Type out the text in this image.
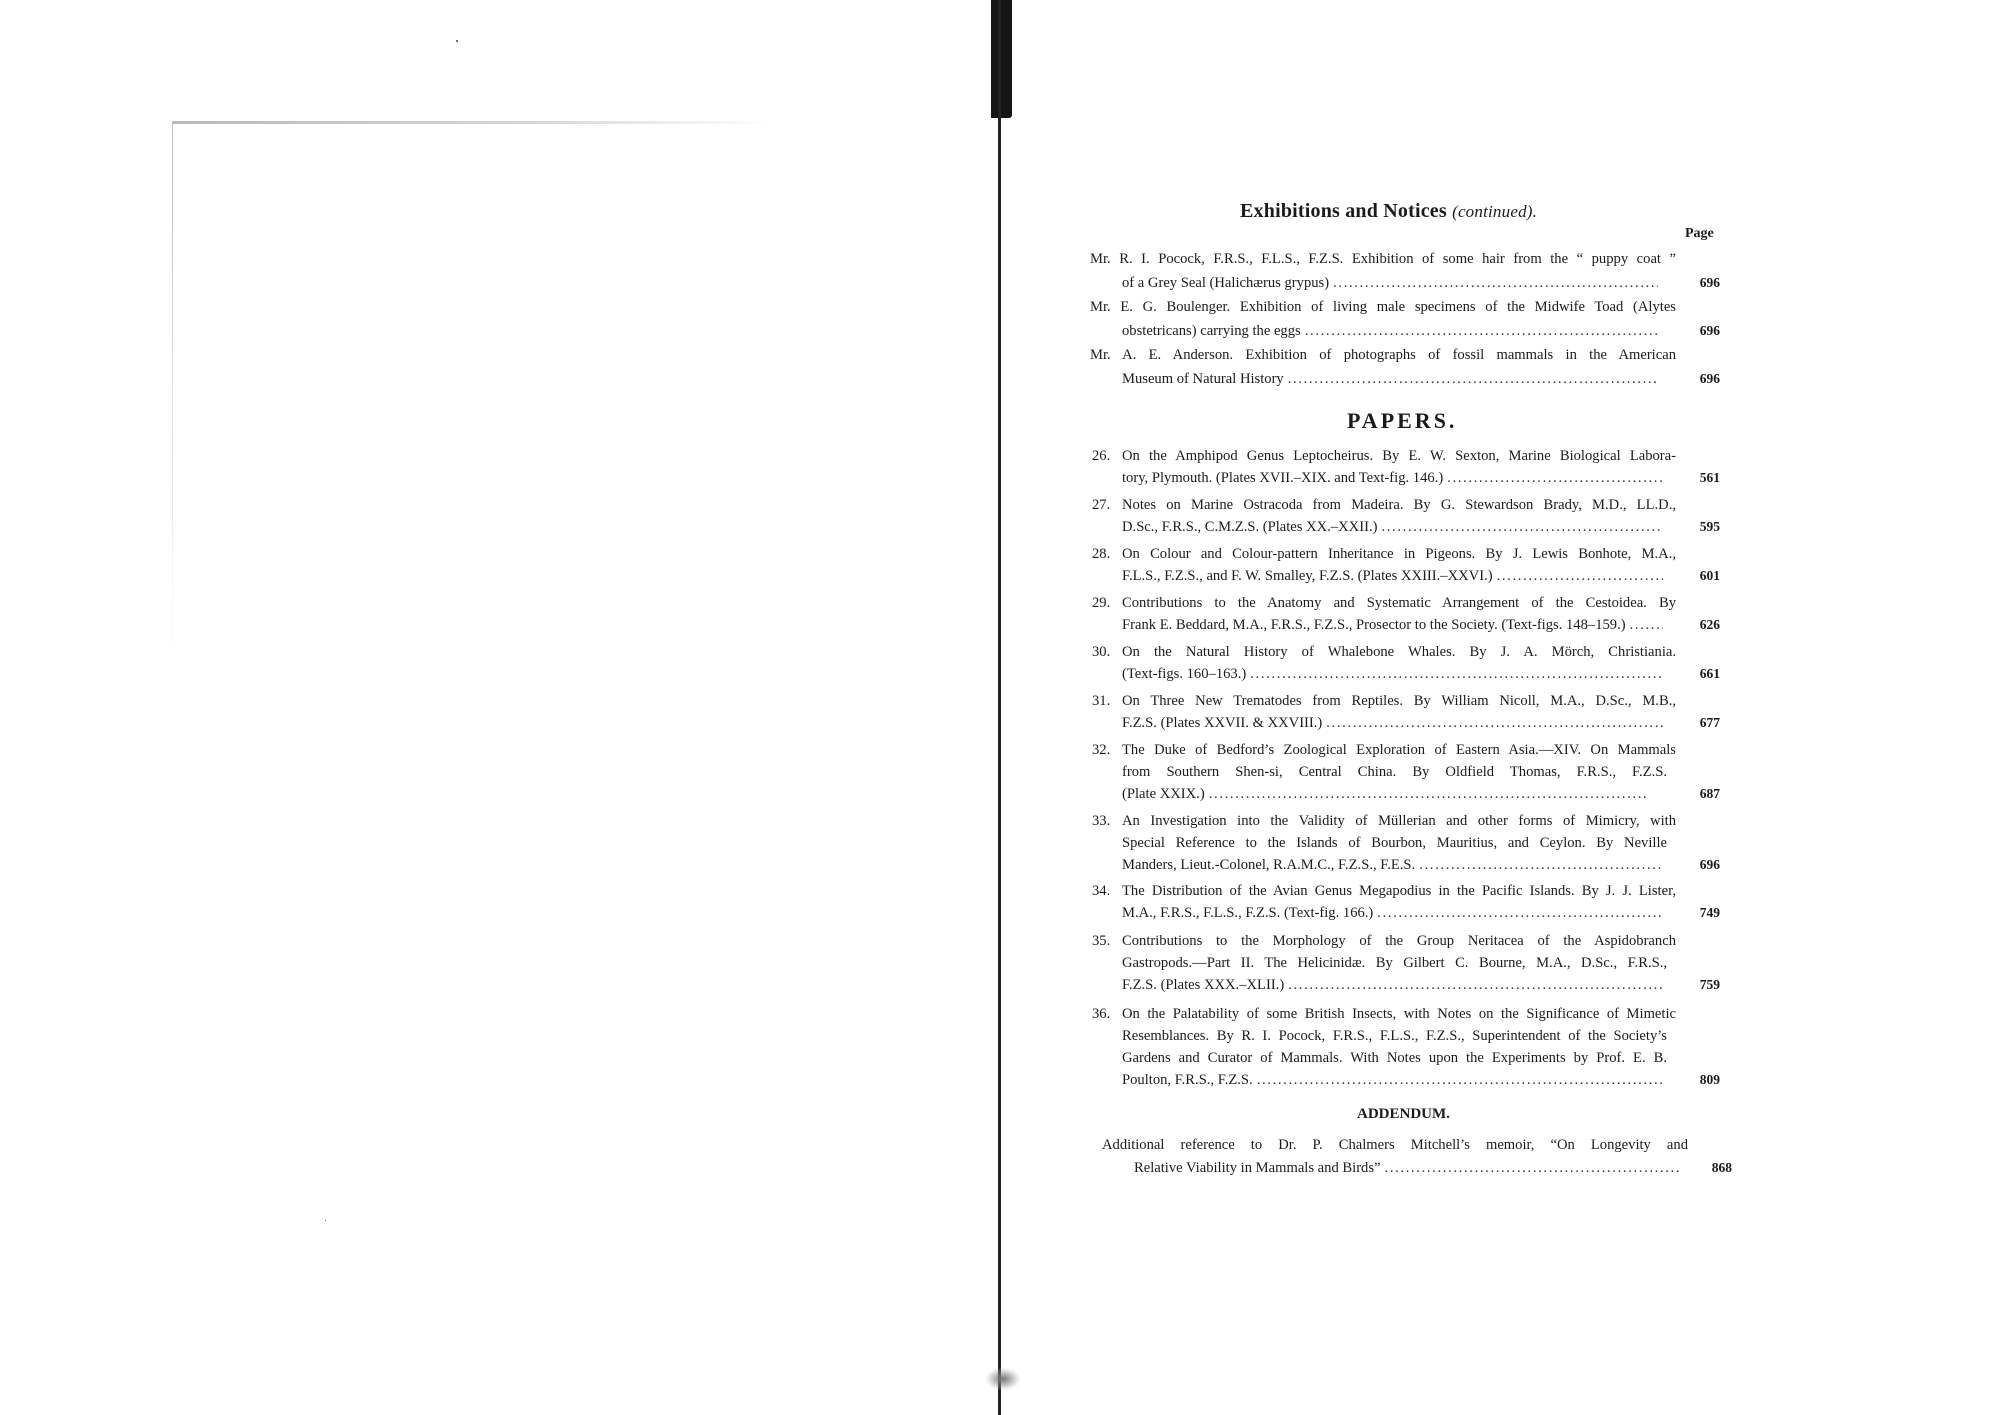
Exhibitions and Notices (continued).
Page
Mr. R. I. Pocock, F.R.S., F.L.S., F.Z.S. Exhibition of some hair from the “ puppy coat ”
of a Grey Seal (Halichærus grypus) . . .	696
Mr. E. G. Boulenger. Exhibition of living male specimens of the Midwife Toad (Alytes
obstetricans) carrying the eggs . . .	696
Mr. A. E. Anderson. Exhibition of photographs of fossil mammals in the American
Museum of Natural History . . .	696
PAPERS.
26. On the Amphipod Genus Leptocheirus. By E. W. Sexton, Marine Biological Labora-
tory, Plymouth. (Plates XVII.–XIX. and Text-fig. 146.) . . .	561
27. Notes on Marine Ostracoda from Madeira. By G. Stewardson Brady, M.D., LL.D.,
D.Sc., F.R.S., C.M.Z.S. (Plates XX.–XXII.) . . .	595
28. On Colour and Colour-pattern Inheritance in Pigeons. By J. Lewis Bonhote, M.A.,
F.L.S., F.Z.S., and F. W. Smalley, F.Z.S. (Plates XXIII.–XXVI.) . . .	601
29. Contributions to the Anatomy and Systematic Arrangement of the Cestoidea. By
Frank E. Beddard, M.A., F.R.S., F.Z.S., Prosector to the Society. (Text-figs. 148–159.) . . .	626
30. On the Natural History of Whalebone Whales. By J. A. Mörch, Christiania.
(Text-figs. 160–163.) . . .	661
31. On Three New Trematodes from Reptiles. By William Nicoll, M.A., D.Sc., M.B.,
F.Z.S. (Plates XXVII. & XXVIII.) . . .	677
32. The Duke of Bedford’s Zoological Exploration of Eastern Asia.—XIV. On Mammals
from Southern Shen-si, Central China. By Oldfield Thomas, F.R.S., F.Z.S.
(Plate XXIX.) . . .	687
33. An Investigation into the Validity of Müllerian and other forms of Mimicry, with
Special Reference to the Islands of Bourbon, Mauritius, and Ceylon. By Neville
Manders, Lieut.-Colonel, R.A.M.C., F.Z.S., F.E.S. . . .	696
34. The Distribution of the Avian Genus Megapodius in the Pacific Islands. By J. J. Lister,
M.A., F.R.S., F.L.S., F.Z.S. (Text-fig. 166.) . . .	749
35. Contributions to the Morphology of the Group Neritacea of the Aspidobranch
Gastropods.—Part II. The Helicinidæ. By Gilbert C. Bourne, M.A., D.Sc., F.R.S.,
F.Z.S. (Plates XXX.–XLII.) . . .	759
36. On the Palatability of some British Insects, with Notes on the Significance of Mimetic
Resemblances. By R. I. Pocock, F.R.S., F.L.S., F.Z.S., Superintendent of the Society’s
Gardens and Curator of Mammals. With Notes upon the Experiments by Prof. E. B.
Poulton, F.R.S., F.Z.S. . . .	809
ADDENDUM.
Additional reference to Dr. P. Chalmers Mitchell’s memoir, “On Longevity and
Relative Viability in Mammals and Birds” . . .	868
